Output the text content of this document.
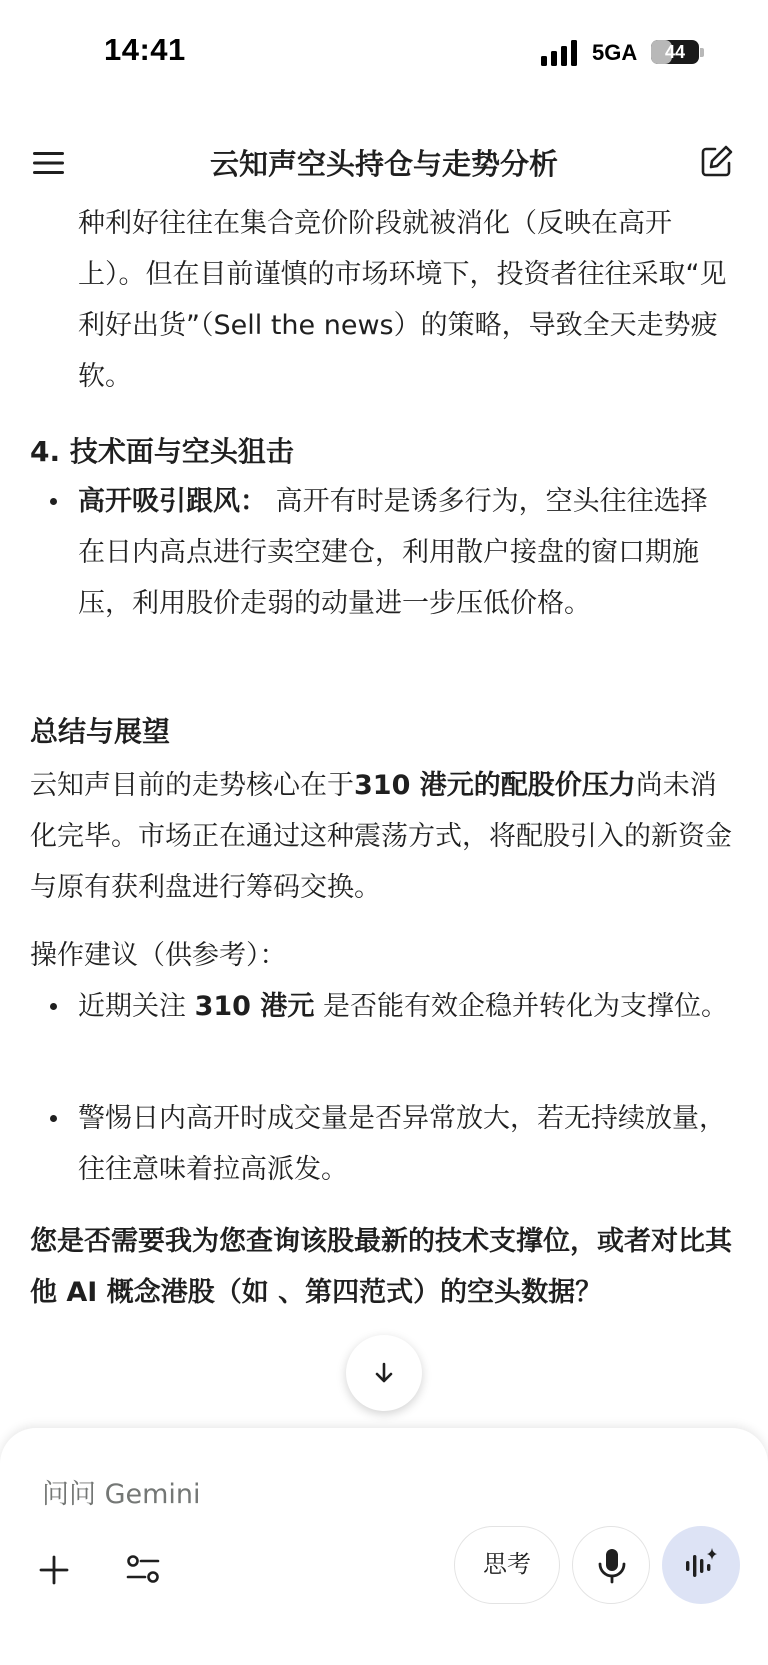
14:41	5GA	44
云知声空头持仓与走势分析
种利好往往在集合竞价阶段就被消化（反映在高开上）。但在目前谨慎的市场环境下，投资者往往采取“见利好出货”（Sell the news）的策略，导致全天走势疲软。
4. 技术面与空头狙击
高开吸引跟风： 高开有时是诱多行为，空头往往选择在日内高点进行卖空建仓，利用散户接盘的窗口期施压，利用股价走弱的动量进一步压低价格。
总结与展望
云知声目前的走势核心在于310 港元的配股价压力尚未消化完毕。市场正在通过这种震荡方式，将配股引入的新资金与原有获利盘进行筹码交换。
操作建议（供参考）：
近期关注 310 港元 是否能有效企稳并转化为支撑位。
警惕日内高开时成交量是否异常放大，若无持续放量，往往意味着拉高派发。
您是否需要我为您查询该股最新的技术支撑位，或者对比其他 AI 概念港股（如 、第四范式）的空头数据？
问问 Gemini
思考
